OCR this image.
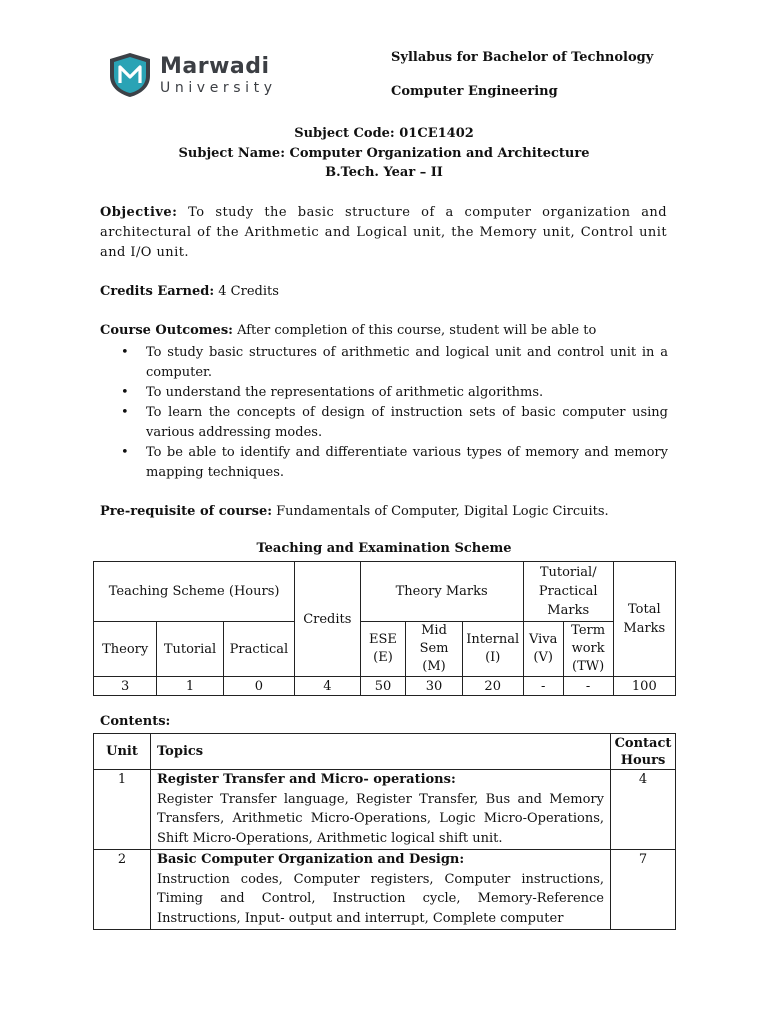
Marwadi
University
Syllabus for Bachelor of Technology
Computer Engineering
Subject Code: 01CE1402
Subject Name: Computer Organization and Architecture
B.Tech. Year – II
Objective: To study the basic structure of a computer organization and architectural of the Arithmetic and Logical unit, the Memory unit, Control unit and I/O unit.
Credits Earned: 4 Credits
Course Outcomes: After completion of this course, student will be able to
• To study basic structures of arithmetic and logical unit and control unit in a computer.
• To understand the representations of arithmetic algorithms.
• To learn the concepts of design of instruction sets of basic computer using various addressing modes.
• To be able to identify and differentiate various types of memory and memory mapping techniques.
Pre-requisite of course: Fundamentals of Computer, Digital Logic Circuits.
Teaching and Examination Scheme
Teaching Scheme (Hours)			Credits	Theory Marks			Tutorial/ Practical Marks		Total Marks
Theory	Tutorial	Practical		ESE (E)	Mid Sem (M)	Internal (I)	Viva (V)	Term work (TW)	
3	1	0	4	50	30	20	-	-	100
Contents:
Unit	Topics	Contact Hours
1	Register Transfer and Micro- operations:
Register Transfer language, Register Transfer, Bus and Memory Transfers, Arithmetic Micro-Operations, Logic Micro-Operations, Shift Micro-Operations, Arithmetic logical shift unit.	4
2	Basic Computer Organization and Design:
Instruction codes, Computer registers, Computer instructions, Timing and Control, Instruction cycle, Memory-Reference Instructions, Input- output and interrupt, Complete computer	7
